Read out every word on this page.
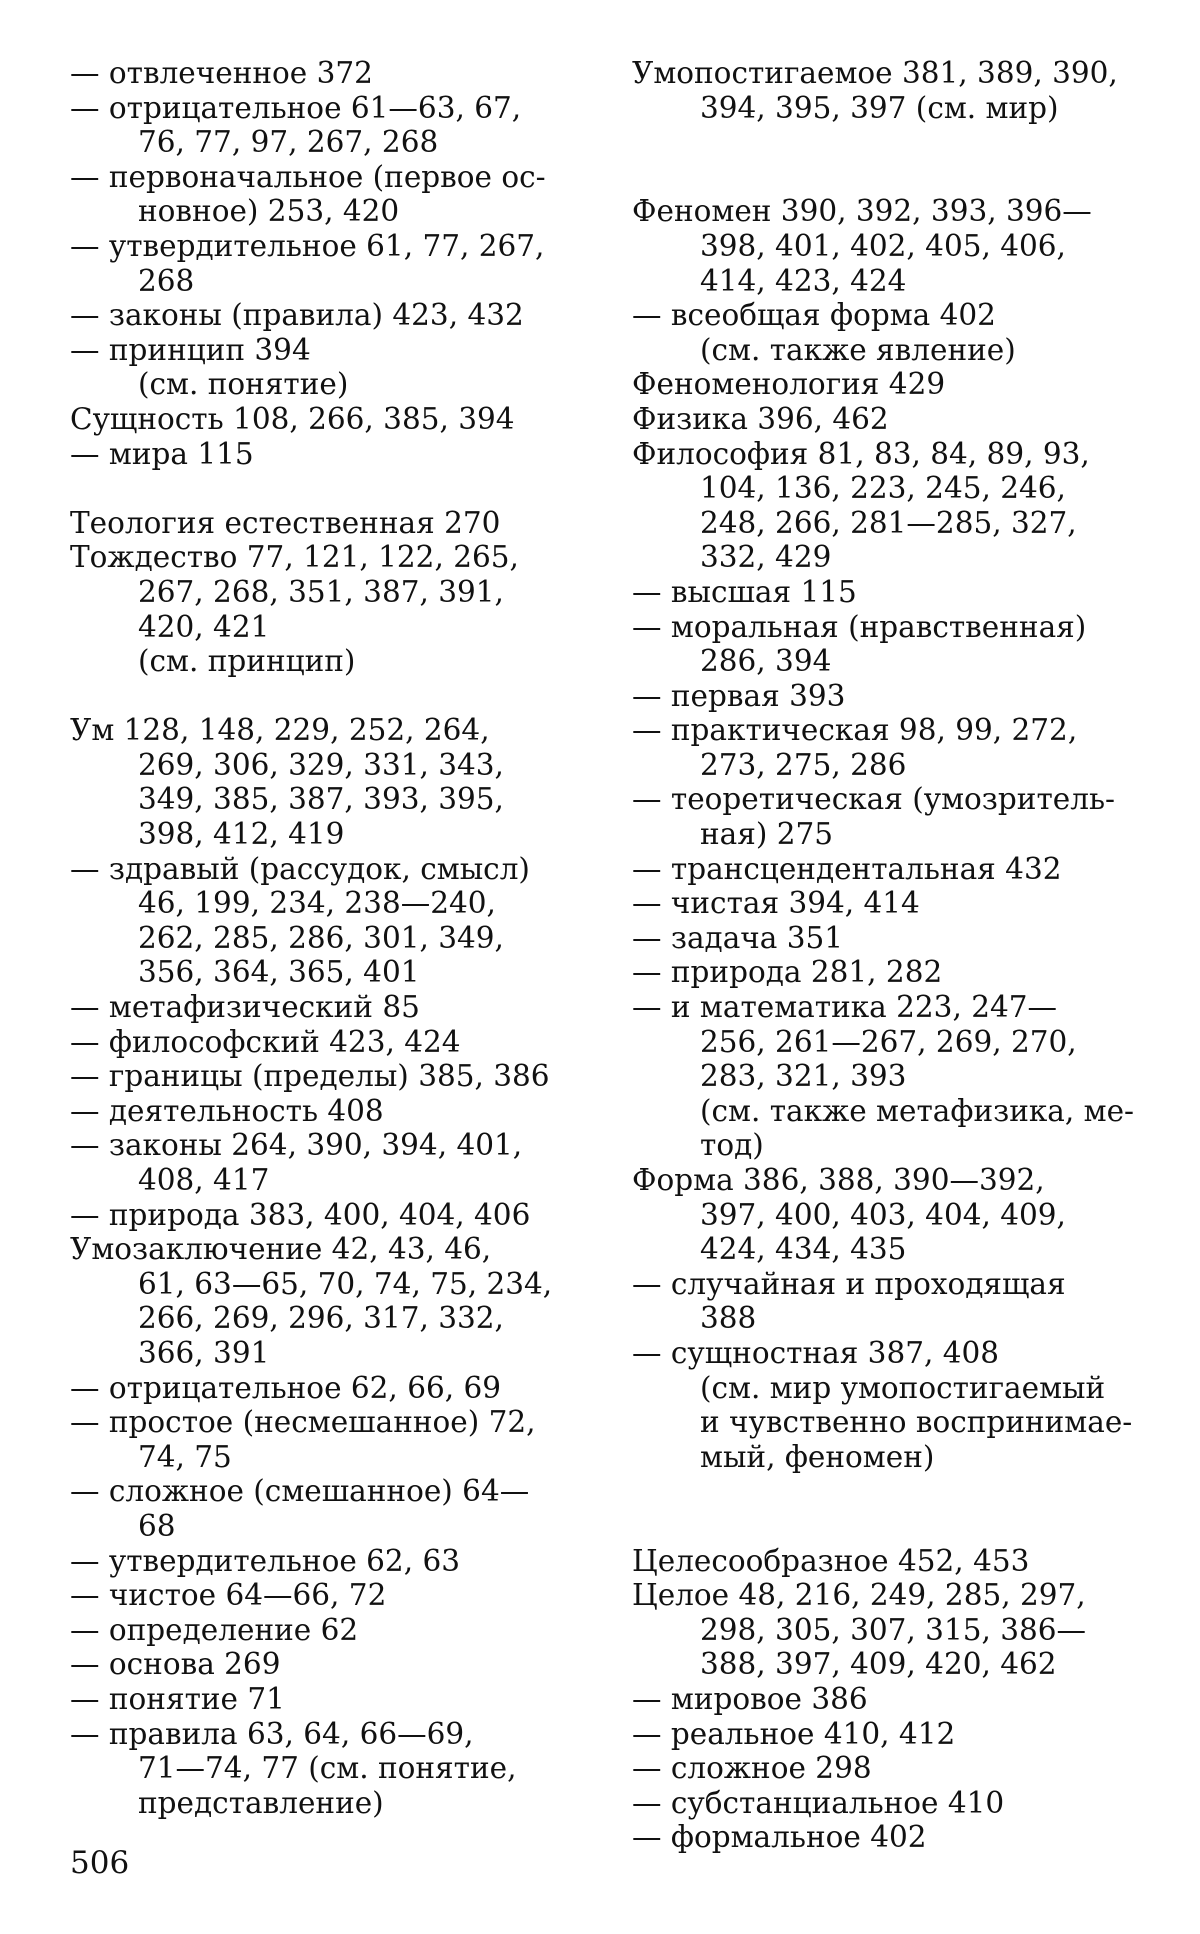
— отвлеченное 372
— отрицательное 61—63, 67,
76, 77, 97, 267, 268
— первоначальное (первое ос-
новное) 253, 420
— утвердительное 61, 77, 267,
268
— законы (правила) 423, 432
— принцип 394
(см. понятие)
Сущность 108, 266, 385, 394
— мира 115
Теология естественная 270
Тождество 77, 121, 122, 265,
267, 268, 351, 387, 391,
420, 421
(см. принцип)
Ум 128, 148, 229, 252, 264,
269, 306, 329, 331, 343,
349, 385, 387, 393, 395,
398, 412, 419
— здравый (рассудок, смысл)
46, 199, 234, 238—240,
262, 285, 286, 301, 349,
356, 364, 365, 401
— метафизический 85
— философский 423, 424
— границы (пределы) 385, 386
— деятельность 408
— законы 264, 390, 394, 401,
408, 417
— природа 383, 400, 404, 406
Умозаключение 42, 43, 46,
61, 63—65, 70, 74, 75, 234,
266, 269, 296, 317, 332,
366, 391
— отрицательное 62, 66, 69
— простое (несмешанное) 72,
74, 75
— сложное (смешанное) 64—
68
— утвердительное 62, 63
— чистое 64—66, 72
— определение 62
— основа 269
— понятие 71
— правила 63, 64, 66—69,
71—74, 77 (см. понятие,
представление)
Умопостигаемое 381, 389, 390,
394, 395, 397 (см. мир)
Феномен 390, 392, 393, 396—
398, 401, 402, 405, 406,
414, 423, 424
— всеобщая форма 402
(см. также явление)
Феноменология 429
Физика 396, 462
Философия 81, 83, 84, 89, 93,
104, 136, 223, 245, 246,
248, 266, 281—285, 327,
332, 429
— высшая 115
— моральная (нравственная)
286, 394
— первая 393
— практическая 98, 99, 272,
273, 275, 286
— теоретическая (умозритель-
ная) 275
— трансцендентальная 432
— чистая 394, 414
— задача 351
— природа 281, 282
— и математика 223, 247—
256, 261—267, 269, 270,
283, 321, 393
(см. также метафизика, ме-
тод)
Форма 386, 388, 390—392,
397, 400, 403, 404, 409,
424, 434, 435
— случайная и проходящая
388
— сущностная 387, 408
(см. мир умопостигаемый
и чувственно воспринимае-
мый, феномен)
Целесообразное 452, 453
Целое 48, 216, 249, 285, 297,
298, 305, 307, 315, 386—
388, 397, 409, 420, 462
— мировое 386
— реальное 410, 412
— сложное 298
— субстанциальное 410
— формальное 402
506
